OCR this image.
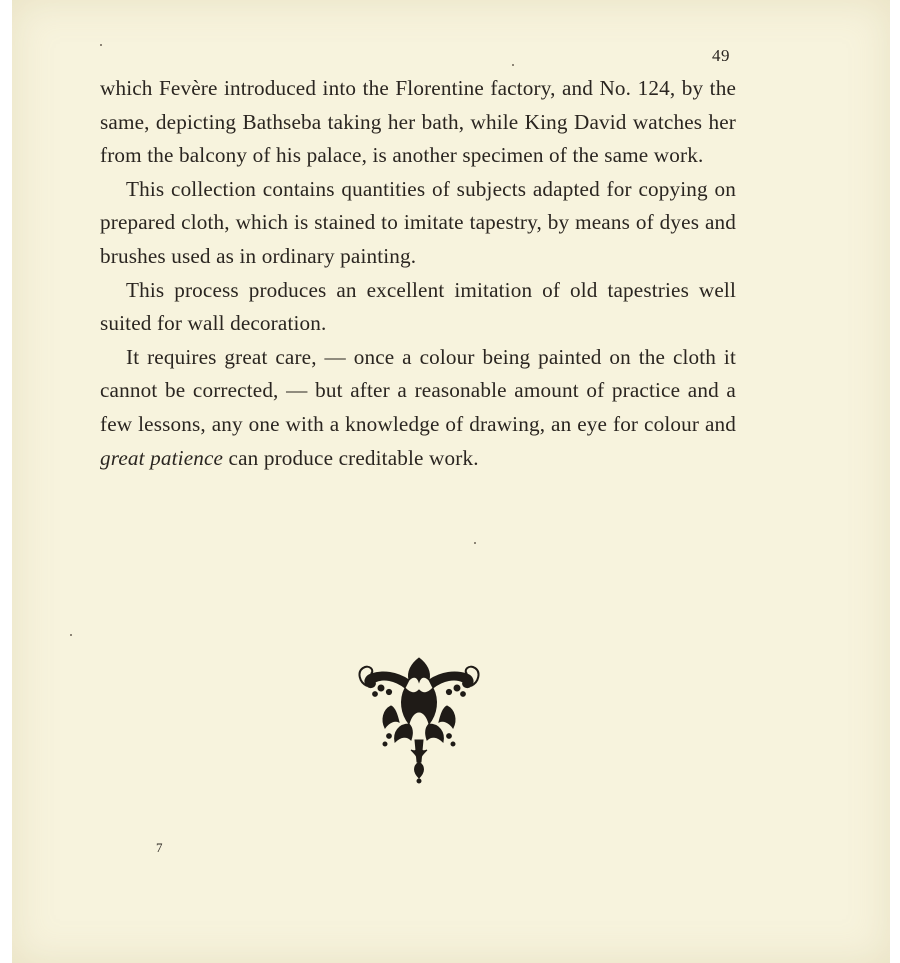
49

which Fevère introduced into the Florentine factory, and No. 124, by the same, depicting Bathseba taking her bath, while King David watches her from the balcony of his palace, is another specimen of the same work.

This collection contains quantities of subjects adapted for copying on prepared cloth, which is stained to imitate tapestry, by means of dyes and brushes used as in ordinary painting.

This process produces an excellent imitation of old tapestries well suited for wall decoration.

It requires great care, — once a colour being painted on the cloth it cannot be corrected, — but after a reasonable amount of practice and a few lessons, any one with a knowledge of drawing, an eye for colour and great patience can produce creditable work.

7
